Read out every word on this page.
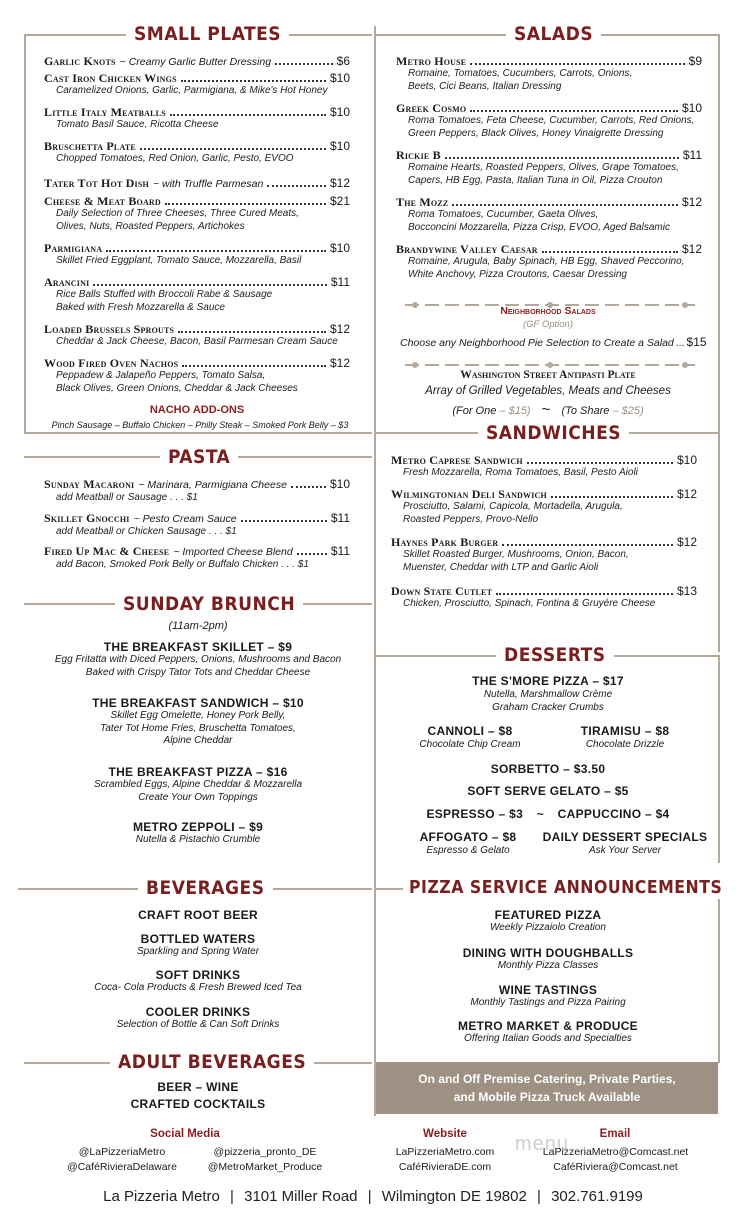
SMALL PLATES
Garlic Knots ~ Creamy Garlic Butter Dressing	$6
Cast Iron Chicken Wings	$10
Caramelized Onions, Garlic, Parmigiana, & Mike's Hot Honey
Little Italy Meatballs	$10
Tomato Basil Sauce, Ricotta Cheese
Bruschetta Plate	$10
Chopped Tomatoes, Red Onion, Garlic, Pesto, EVOO
Tater Tot Hot Dish ~ with Truffle Parmesan	$12
Cheese & Meat Board	$21
Daily Selection of Three Cheeses, Three Cured Meats,
Olives, Nuts, Roasted Peppers, Artichokes
Parmigiana	$10
Skillet Fried Eggplant, Tomato Sauce, Mozzarella, Basil
Arancini	$11
Rice Balls Stuffed with Broccoli Rabe & Sausage
Baked with Fresh Mozzarella & Sauce
Loaded Brussels Sprouts	$12
Cheddar & Jack Cheese, Bacon, Basil Parmesan Cream Sauce
Wood Fired Oven Nachos	$12
Peppadew & Jalapeño Peppers, Tomato Salsa,
Black Olives, Green Onions, Cheddar & Jack Cheeses
NACHO ADD-ONS
Pinch Sausage – Buffalo Chicken – Philly Steak – Smoked Pork Belly – $3
PASTA
Sunday Macaroni ~ Marinara, Parmigiana Cheese	$10
add Meatball or Sausage . . . $1
Skillet Gnocchi ~ Pesto Cream Sauce	$11
add Meatball or Chicken Sausage . . . $1
Fired Up Mac & Cheese ~ Imported Cheese Blend	$11
add Bacon, Smoked Pork Belly or Buffalo Chicken . . . $1
SUNDAY BRUNCH
(11am-2pm)
THE BREAKFAST SKILLET – $9
Egg Fritatta with Diced Peppers, Onions, Mushrooms and Bacon
Baked with Crispy Tator Tots and Cheddar Cheese
THE BREAKFAST SANDWICH – $10
Skillet Egg Omelette, Honey Pork Belly,
Tater Tot Home Fries, Bruschetta Tomatoes,
Alpine Cheddar
THE BREAKFAST PIZZA – $16
Scrambled Eggs, Alpine Cheddar & Mozzarella
Create Your Own Toppings
METRO ZEPPOLI – $9
Nutella & Pistachio Crumble
BEVERAGES
CRAFT ROOT BEER
BOTTLED WATERS
Sparkling and Spring Water
SOFT DRINKS
Coca- Cola Products & Fresh Brewed Iced Tea
COOLER DRINKS
Selection of Bottle & Can Soft Drinks
ADULT BEVERAGES
BEER – WINE
CRAFTED COCKTAILS
SALADS
Metro House	$9
Romaine, Tomatoes, Cucumbers, Carrots, Onions,
Beets, Cici Beans, Italian Dressing
Greek Cosmo	$10
Roma Tomatoes, Feta Cheese, Cucumber, Carrots, Red Onions,
Green Peppers, Black Olives, Honey Vinaigrette Dressing
Rickie B	$11
Romaine Hearts, Roasted Peppers, Olives, Grape Tomatoes,
Capers, HB Egg, Pasta, Italian Tuna in Oil, Pizza Crouton
The Mozz	$12
Roma Tomatoes, Cucumber, Gaeta Olives,
Bocconcini Mozzarella, Pizza Crisp, EVOO, Aged Balsamic
Brandywine Valley Caesar	$12
Romaine, Arugula, Baby Spinach, HB Egg, Shaved Peccorino,
White Anchovy, Pizza Croutons, Caesar Dressing
Neighborhood Salads
(GF Option)
Choose any Neighborhood Pie Selection to Create a Salad ... $15
Washington Street Antipasti Plate
Array of Grilled Vegetables, Meats and Cheeses
(For One – $15) ~ (To Share – $25)
SANDWICHES
Metro Caprese Sandwich	$10
Fresh Mozzarella, Roma Tomatoes, Basil, Pesto Aioli
Wilmingtonian Deli Sandwich	$12
Prosciutto, Salami, Capicola, Mortadella, Arugula,
Roasted Peppers, Provo-Nello
Haynes Park Burger	$12
Skillet Roasted Burger, Mushrooms, Onion, Bacon,
Muenster, Cheddar with LTP and Garlic Aioli
Down State Cutlet	$13
Chicken, Prosciutto, Spinach, Fontina & Gruyére Cheese
DESSERTS
THE S'MORE PIZZA – $17
Nutella, Marshmallow Crème
Graham Cracker Crumbs
CANNOLI – $8
Chocolate Chip Cream
TIRAMISU – $8
Chocolate Drizzle
SORBETTO – $3.50
SOFT SERVE GELATO – $5
ESPRESSO – $3 ~ CAPPUCCINO – $4
AFFOGATO – $8
Espresso & Gelato
DAILY DESSERT SPECIALS
Ask Your Server
PIZZA SERVICE ANNOUNCEMENTS
FEATURED PIZZA
Weekly Pizzaiolo Creation
DINING WITH DOUGHBALLS
Monthly Pizza Classes
WINE TASTINGS
Monthly Tastings and Pizza Pairing
METRO MARKET & PRODUCE
Offering Italian Goods and Specialties
On and Off Premise Catering, Private Parties,
and Mobile Pizza Truck Available
Social Media
@LaPizzeriaMetro
@CaféRivieraDelaware
@pizzeria_pronto_DE
@MetroMarket_Produce
Website
LaPizzeriaMetro.com
CaféRivieraDE.com
menu	Email
LaPizzeriaMetro@Comcast.net
CaféRiviera@Comcast.net
La Pizzeria Metro | 3101 Miller Road | Wilmington DE 19802 | 302.761.9199
